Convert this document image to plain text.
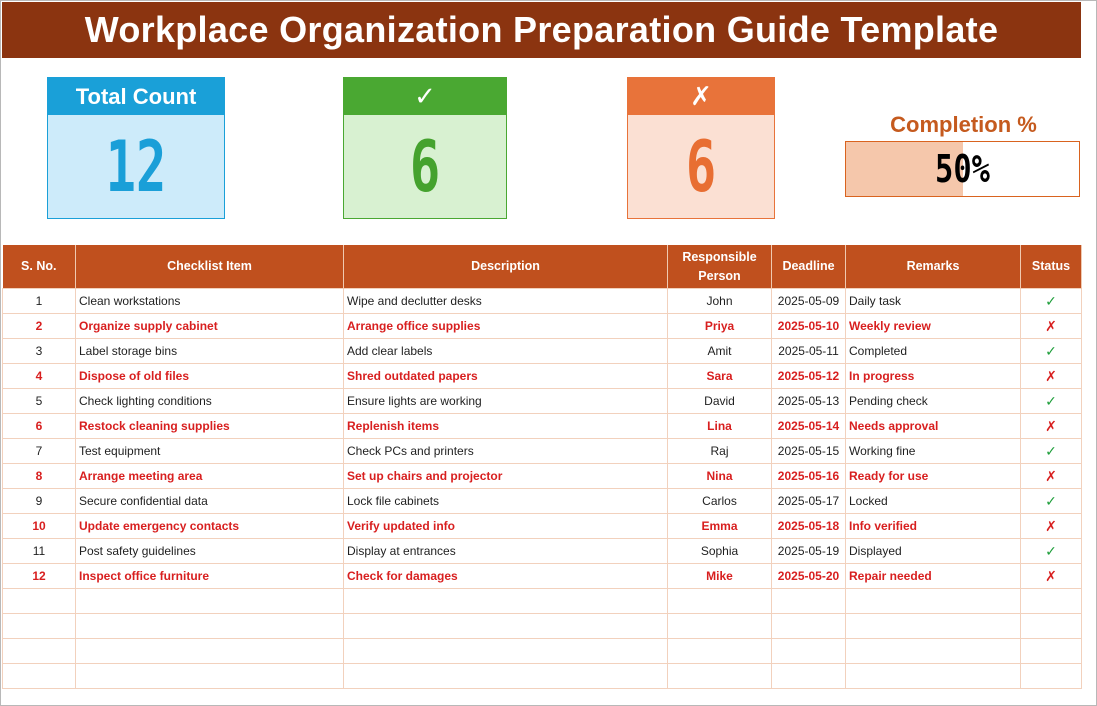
Workplace Organization Preparation Guide Template
Total Count
12
✓
6
✗
6
Completion %
50%
S. No.	Checklist Item	Description	Responsible Person	Deadline	Remarks	Status
1	Clean workstations	Wipe and declutter desks	John	2025-05-09	Daily task	✓
2	Organize supply cabinet	Arrange office supplies	Priya	2025-05-10	Weekly review	✗
3	Label storage bins	Add clear labels	Amit	2025-05-11	Completed	✓
4	Dispose of old files	Shred outdated papers	Sara	2025-05-12	In progress	✗
5	Check lighting conditions	Ensure lights are working	David	2025-05-13	Pending check	✓
6	Restock cleaning supplies	Replenish items	Lina	2025-05-14	Needs approval	✗
7	Test equipment	Check PCs and printers	Raj	2025-05-15	Working fine	✓
8	Arrange meeting area	Set up chairs and projector	Nina	2025-05-16	Ready for use	✗
9	Secure confidential data	Lock file cabinets	Carlos	2025-05-17	Locked	✓
10	Update emergency contacts	Verify updated info	Emma	2025-05-18	Info verified	✗
11	Post safety guidelines	Display at entrances	Sophia	2025-05-19	Displayed	✓
12	Inspect office furniture	Check for damages	Mike	2025-05-20	Repair needed	✗
